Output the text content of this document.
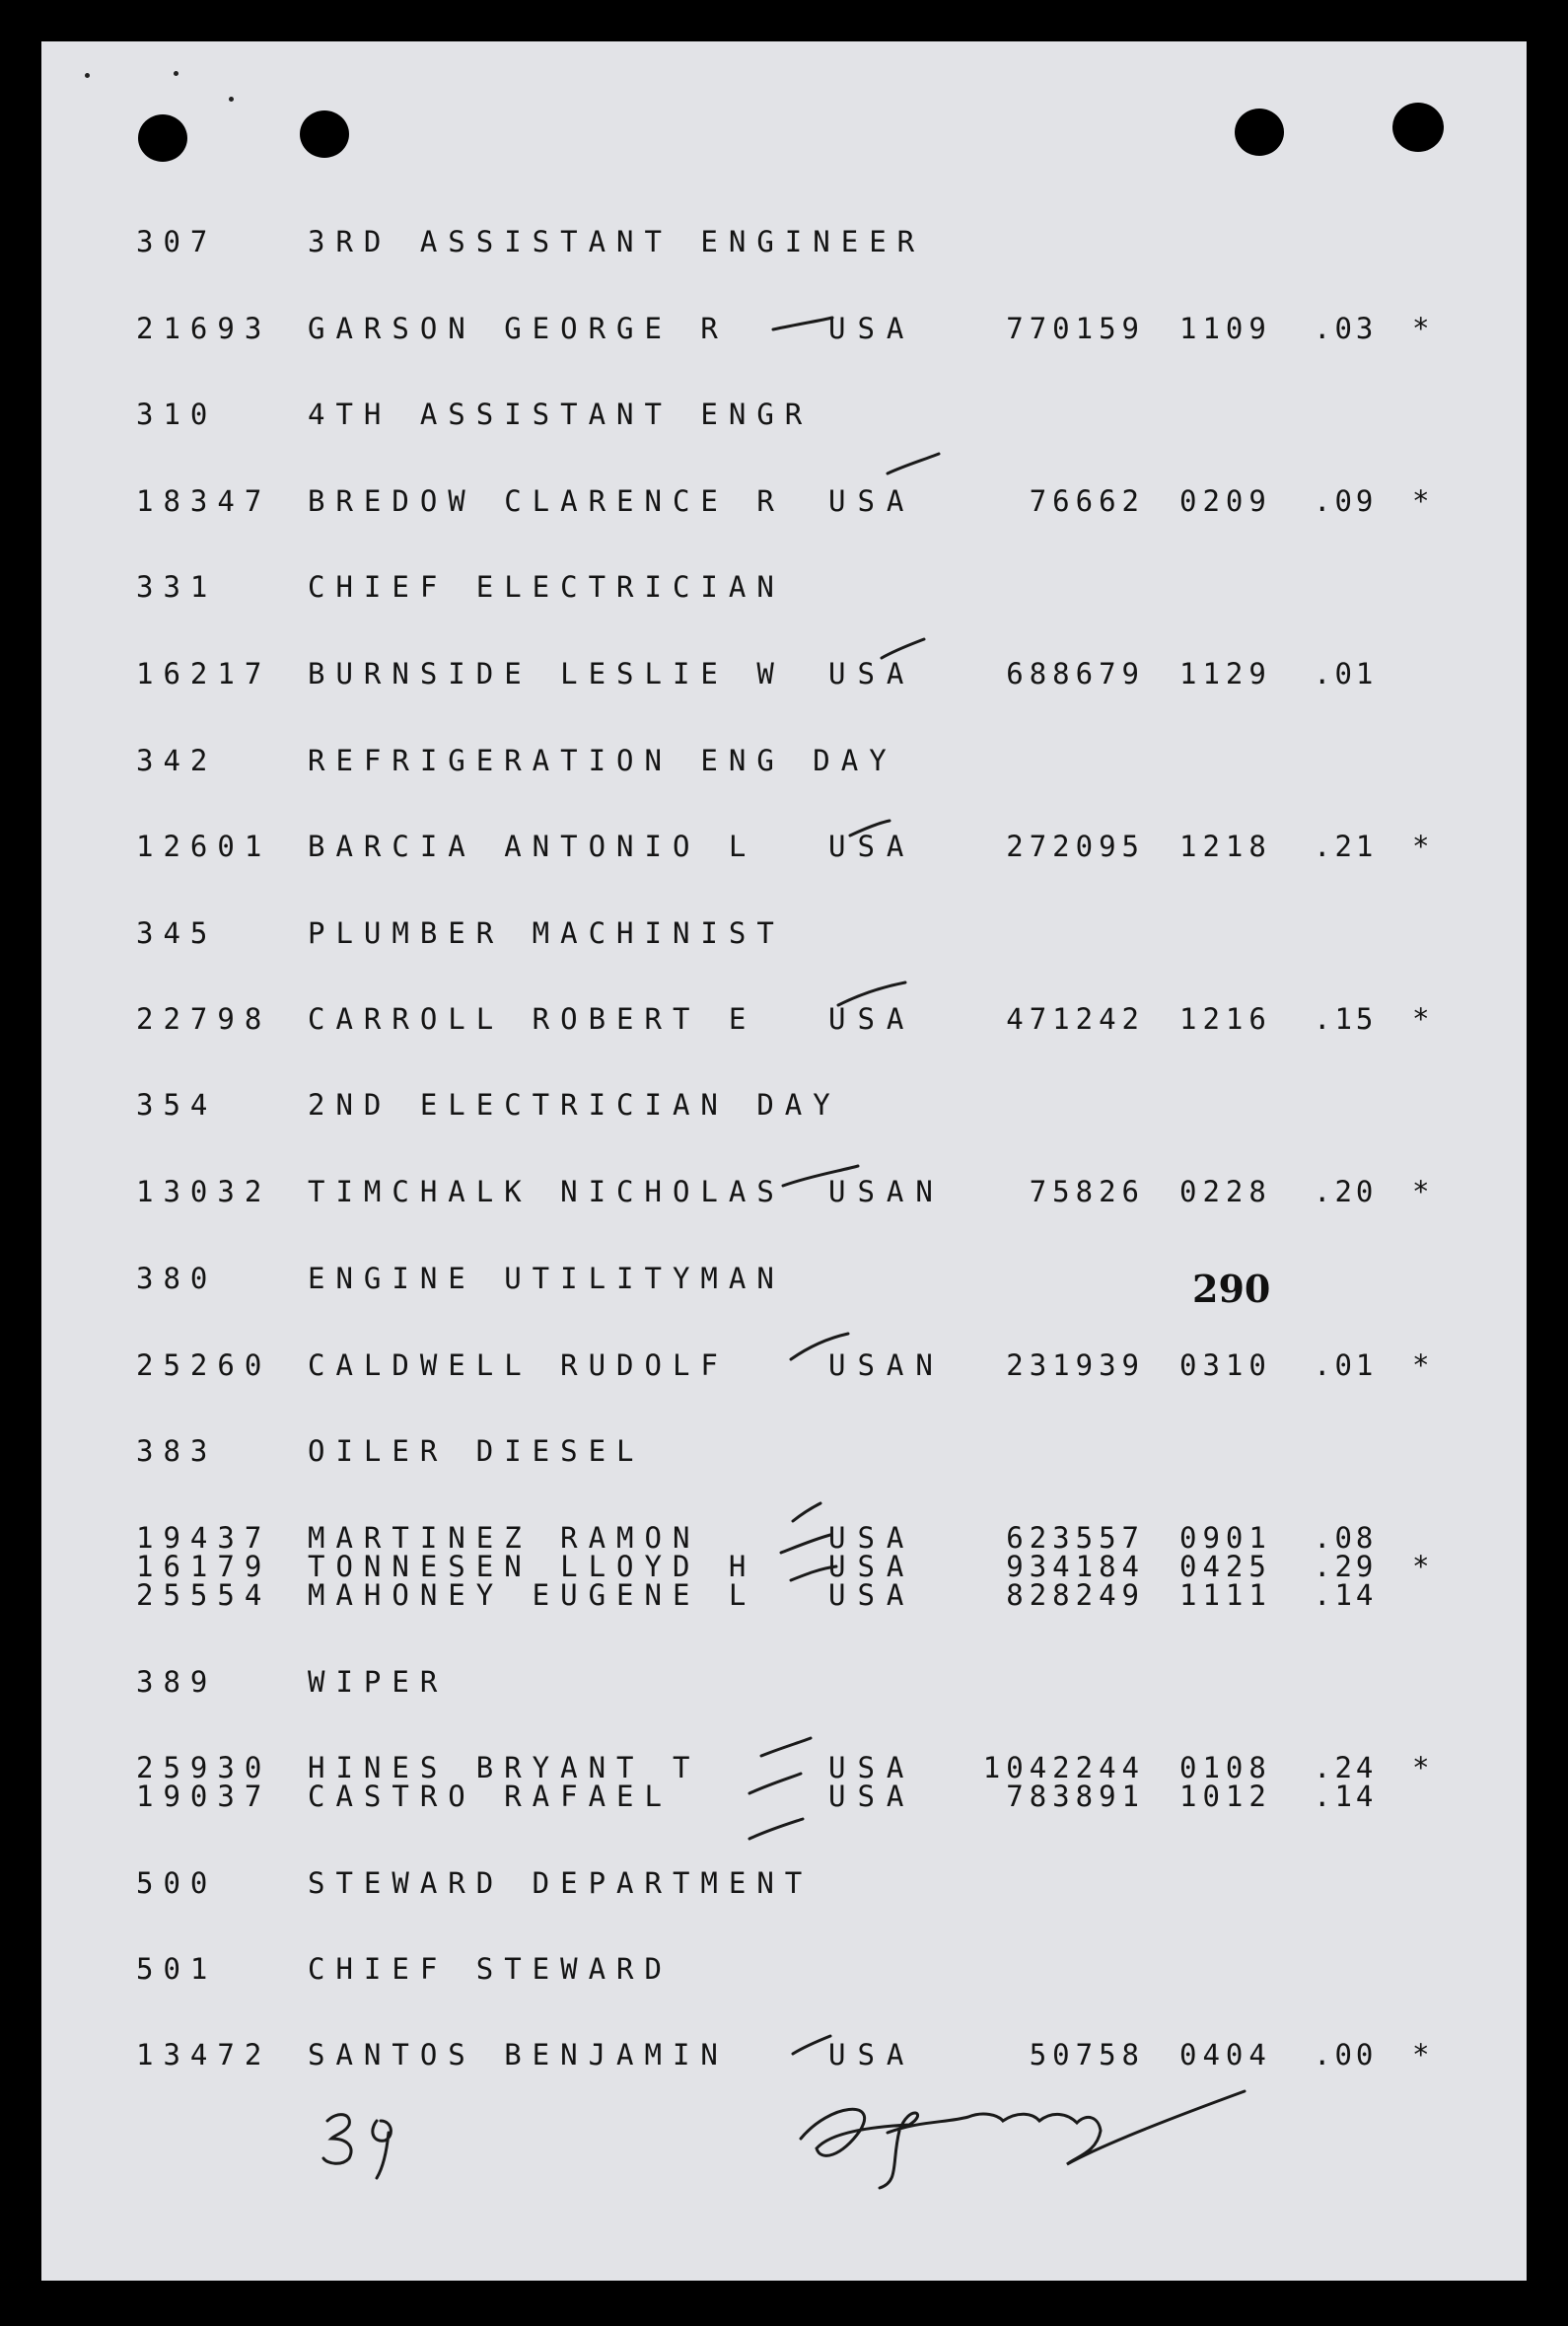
307	3RD ASSISTANT ENGINEER
21693 GARSON GEORGE R	USA	770159 1109 .03 *
310	4TH ASSISTANT ENGR
18347 BREDOW CLARENCE R USA	76662 0209 .09 *
331	CHIEF ELECTRICIAN
16217 BURNSIDE LESLIE W USA	688679 1129 .01
342	REFRIGERATION ENG DAY
12601 BARCIA ANTONIO L	USA	272095 1218 .21 *
345	PLUMBER MACHINIST
22798 CARROLL ROBERT E	USA	471242 1216 .15 *
354	2ND ELECTRICIAN DAY
13032 TIMCHALK NICHOLAS USAN	75826 0228 .20 *
380	ENGINE UTILITYMAN	290
25260 CALDWELL RUDOLF	USAN	231939 0310 .01 *
383	OILER DIESEL
19437 MARTINEZ RAMON	USA	623557 0901 .08
16179 TONNESEN LLOYD H	USA	934184 0425 .29 *
25554 MAHONEY EUGENE L	USA	828249 1111 .14
389	WIPER
25930 HINES BRYANT T	USA	1042244 0108 .24 *
19037 CASTRO RAFAEL	USA	783891 1012 .14
500	STEWARD DEPARTMENT
501	CHIEF STEWARD
13472 SANTOS BENJAMIN	USA	50758 0404 .00 *
